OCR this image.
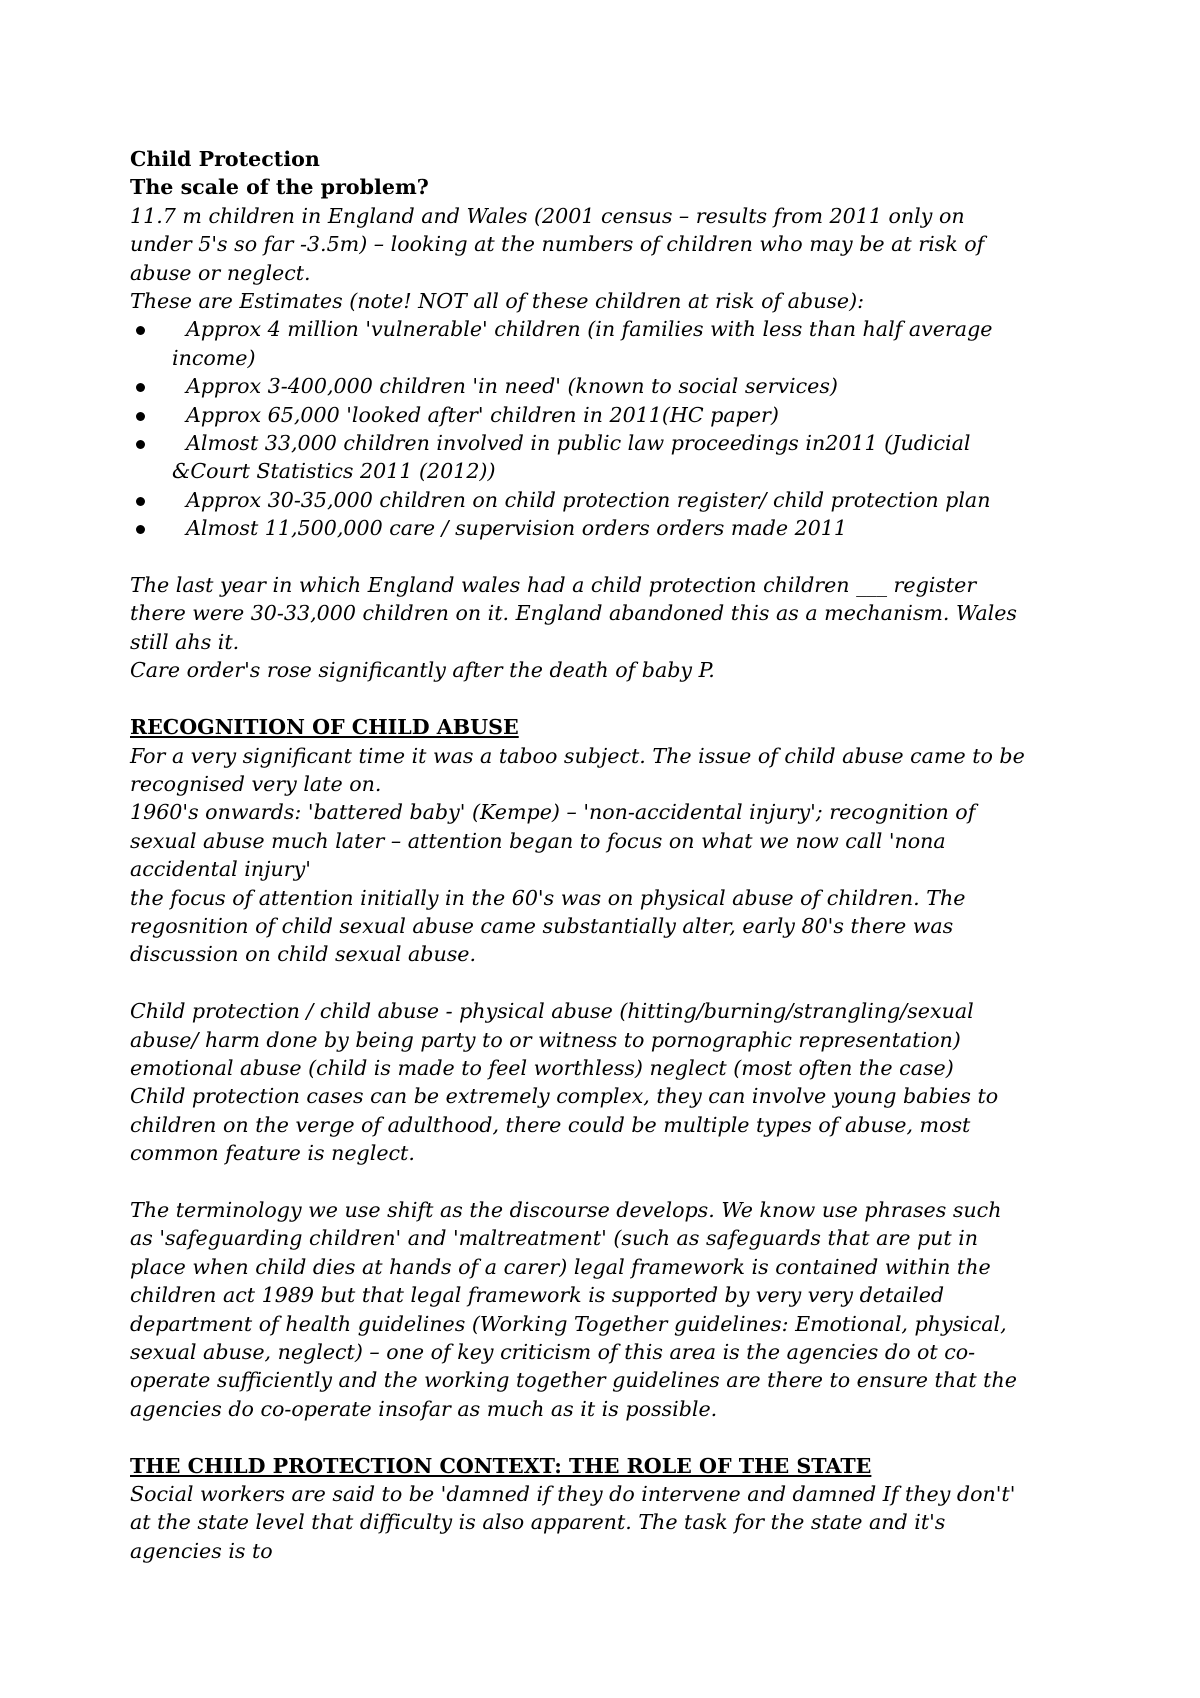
Child Protection

The scale of the problem?

11.7 m children in England and Wales (2001 census – results from 2011 only on under 5's so far -3.5m) – looking at the numbers of children who may be at risk of abuse or neglect.

These are Estimates (note! NOT all of these children at risk of abuse):

Approx 4 million 'vulnerable' children (in families with less than half average income)
Approx 3-400,000 children 'in need' (known to social services)
Approx 65,000 'looked after' children in 2011(HC paper)
Almost 33,000 children involved in public law proceedings in2011 (Judicial &Court Statistics 2011 (2012))
Approx 30-35,000 children on child protection register/ child protection plan
Almost 11,500,000 care / supervision orders orders made 2011

The last year in which England wales had a child protection children ___ register there were 30-33,000 children on it. England abandoned this as a mechanism. Wales still ahs it.

Care order's rose significantly after the death of baby P.

RECOGNITION OF CHILD ABUSE

For a very significant time it was a taboo subject. The issue of child abuse came to be recognised very late on.

1960's onwards: 'battered baby' (Kempe) – 'non-accidental injury'; recognition of sexual abuse much later – attention began to focus on what we now call 'nona accidental injury'

the focus of attention initially in the 60's was on physical abuse of children. The regosnition of child sexual abuse came substantially alter, early 80's there was discussion on child sexual abuse.

Child protection / child abuse - physical abuse (hitting/burning/strangling/sexual abuse/ harm done by being party to or witness to pornographic representation) emotional abuse (child is made to feel worthless) neglect (most often the case)

Child protection cases can be extremely complex, they can involve young babies to children on the verge of adulthood, there could be multiple types of abuse, most common feature is neglect.

The terminology we use shift as the discourse develops. We know use phrases such as 'safeguarding children' and 'maltreatment' (such as safeguards that are put in place when child dies at hands of a carer) legal framework is contained within the children act 1989 but that legal framework is supported by very very detailed department of health guidelines (Working Together guidelines: Emotional, physical, sexual abuse, neglect) – one of key criticism of this area is the agencies do ot co-operate sufficiently and the working together guidelines are there to ensure that the agencies do co-operate insofar as much as it is possible.

THE CHILD PROTECTION CONTEXT: THE ROLE OF THE STATE

Social workers are said to be 'damned if they do intervene and damned If they don't' at the state level that difficulty is also apparent. The task for the state and it's agencies is to
